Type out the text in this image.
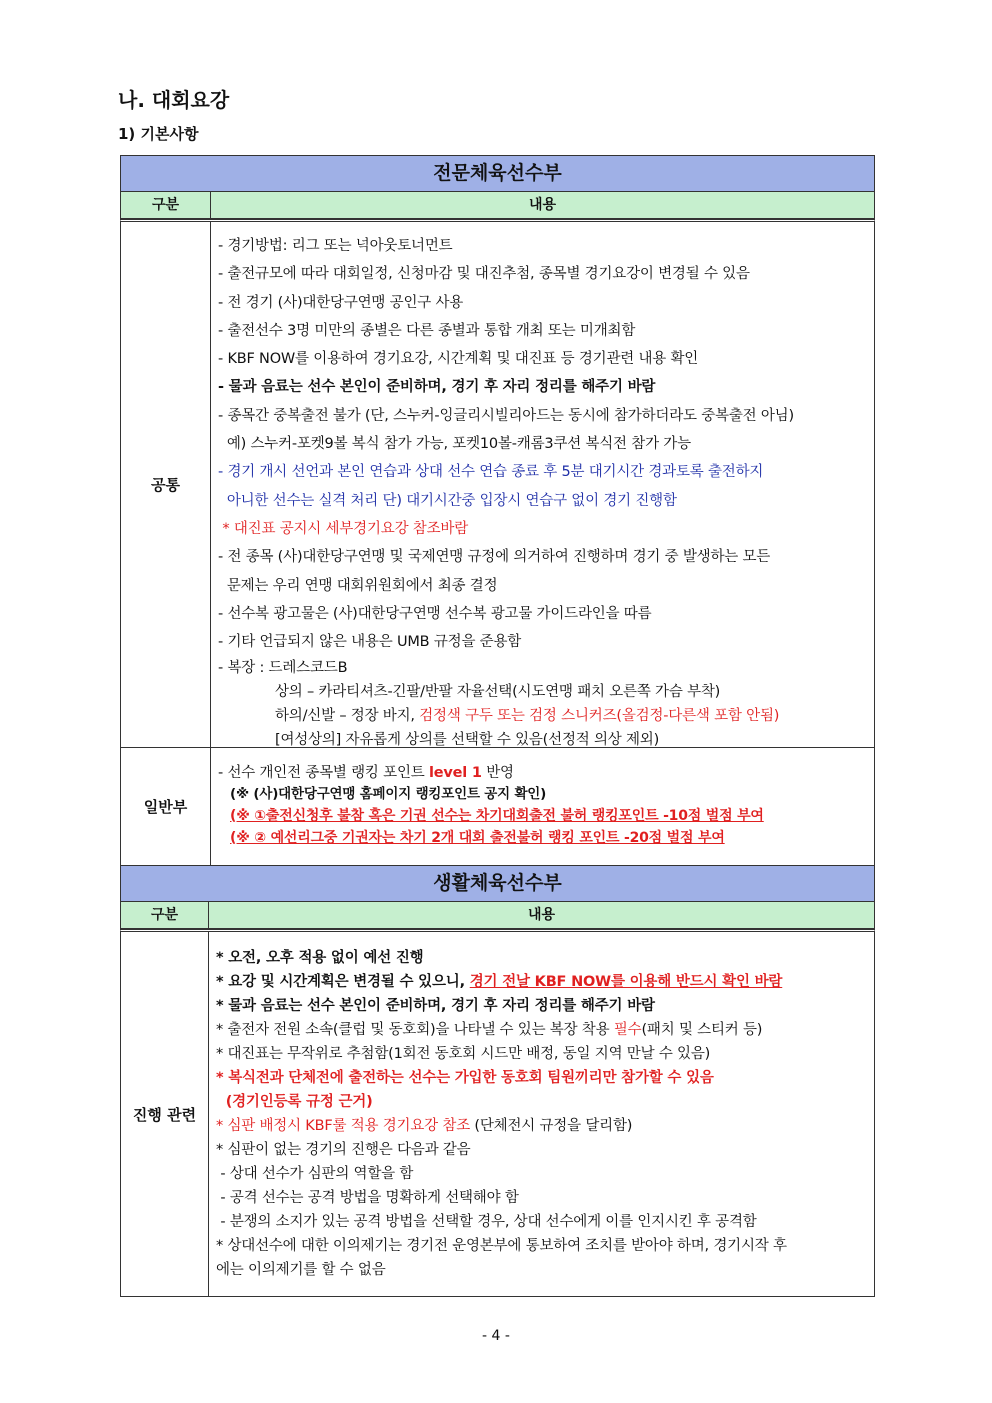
나. 대회요강
1) 기본사항
전문체육선수부
구분	내용
공통
- 경기방법: 리그 또는 넉아웃토너먼트
- 출전규모에 따라 대회일정, 신청마감 및 대진추첨, 종목별 경기요강이 변경될 수 있음
- 전 경기 (사)대한당구연맹 공인구 사용
- 출전선수 3명 미만의 종별은 다른 종별과 통합 개최 또는 미개최함
- KBF NOW를 이용하여 경기요강, 시간계획 및 대진표 등 경기관련 내용 확인
- 물과 음료는 선수 본인이 준비하며, 경기 후 자리 정리를 해주기 바람
- 종목간 중복출전 불가 (단, 스누커-잉글리시빌리아드는 동시에 참가하더라도 중복출전 아님)
예) 스누커-포켓9볼 복식 참가 가능, 포켓10볼-캐롬3쿠션 복식전 참가 가능
- 경기 개시 선언과 본인 연습과 상대 선수 연습 종료 후 5분 대기시간 경과토록 출전하지
아니한 선수는 실격 처리 단) 대기시간중 입장시 연습구 없이 경기 진행함
* 대진표 공지시 세부경기요강 참조바람
- 전 종목 (사)대한당구연맹 및 국제연맹 규정에 의거하여 진행하며 경기 중 발생하는 모든
문제는 우리 연맹 대회위원회에서 최종 결정
- 선수복 광고물은 (사)대한당구연맹 선수복 광고물 가이드라인을 따름
- 기타 언급되지 않은 내용은 UMB 규정을 준용함
- 복장 : 드레스코드B
상의 – 카라티셔츠-긴팔/반팔 자율선택(시도연맹 패치 오른쪽 가슴 부착)
하의/신발 – 정장 바지, 검정색 구두 또는 검정 스니커즈(올검정-다른색 포함 안됨)
[여성상의] 자유롭게 상의를 선택할 수 있음(선정적 의상 제외)
일반부
- 선수 개인전 종목별 랭킹 포인트 level 1 반영
(※ (사)대한당구연맹 홈페이지 랭킹포인트 공지 확인)
(※ ①출전신청후 불참 혹은 기권 선수는 차기대회출전 불허 랭킹포인트 -10점 벌점 부여
(※ ② 예선리그중 기권자는 차기 2개 대회 출전불허 랭킹 포인트 -20점 벌점 부여
생활체육선수부
구분	내용
진행 관련
* 오전, 오후 적용 없이 예선 진행
* 요강 및 시간계획은 변경될 수 있으니, 경기 전날 KBF NOW를 이용해 반드시 확인 바람
* 물과 음료는 선수 본인이 준비하며, 경기 후 자리 정리를 해주기 바람
* 출전자 전원 소속(클럽 및 동호회)을 나타낼 수 있는 복장 착용 필수(패치 및 스티커 등)
* 대진표는 무작위로 추첨함(1회전 동호회 시드만 배정, 동일 지역 만날 수 있음)
* 복식전과 단체전에 출전하는 선수는 가입한 동호회 팀원끼리만 참가할 수 있음
(경기인등록 규정 근거)
* 심판 배정시 KBF룰 적용 경기요강 참조 (단체전시 규정을 달리함)
* 심판이 없는 경기의 진행은 다음과 같음
- 상대 선수가 심판의 역할을 함
- 공격 선수는 공격 방법을 명확하게 선택해야 함
- 분쟁의 소지가 있는 공격 방법을 선택할 경우, 상대 선수에게 이를 인지시킨 후 공격함
* 상대선수에 대한 이의제기는 경기전 운영본부에 통보하여 조치를 받아야 하며, 경기시작 후
에는 이의제기를 할 수 없음
- 4 -
